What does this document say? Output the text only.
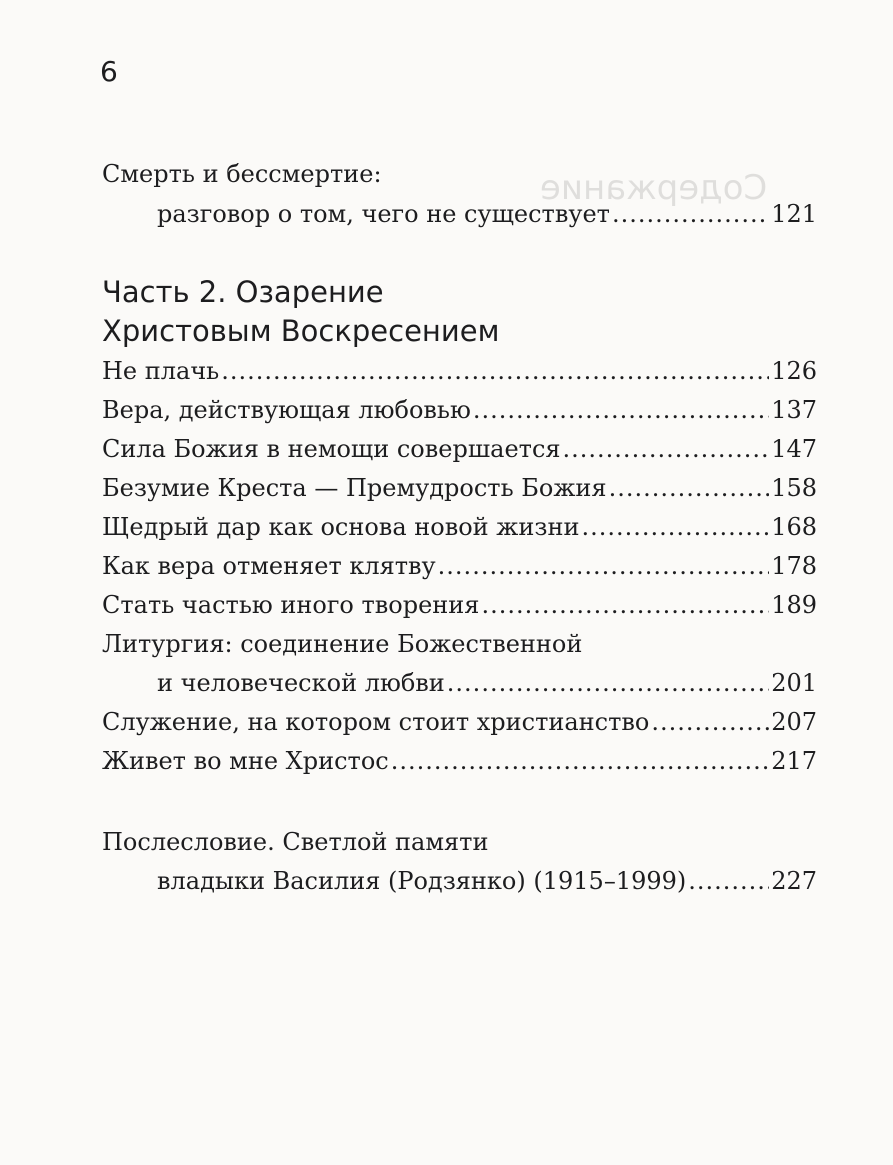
Содержание
6
Смерть и бессмертие:
разговор о том, чего не существует .....	121
Часть 2. Озарение
Христовым Воскресением
Не плачь .....	126
Вера, действующая любовью .....	137
Сила Божия в немощи совершается .....	147
Безумие Креста — Премудрость Божия .....	158
Щедрый дар как основа новой жизни .....	168
Как вера отменяет клятву .....	178
Стать частью иного творения .....	189
Литургия: соединение Божественной
и человеческой любви .....	201
Служение, на котором стоит христианство .....	207
Живет во мне Христос .....	217
Послесловие. Светлой памяти
владыки Василия (Родзянко) (1915–1999) .....	227
